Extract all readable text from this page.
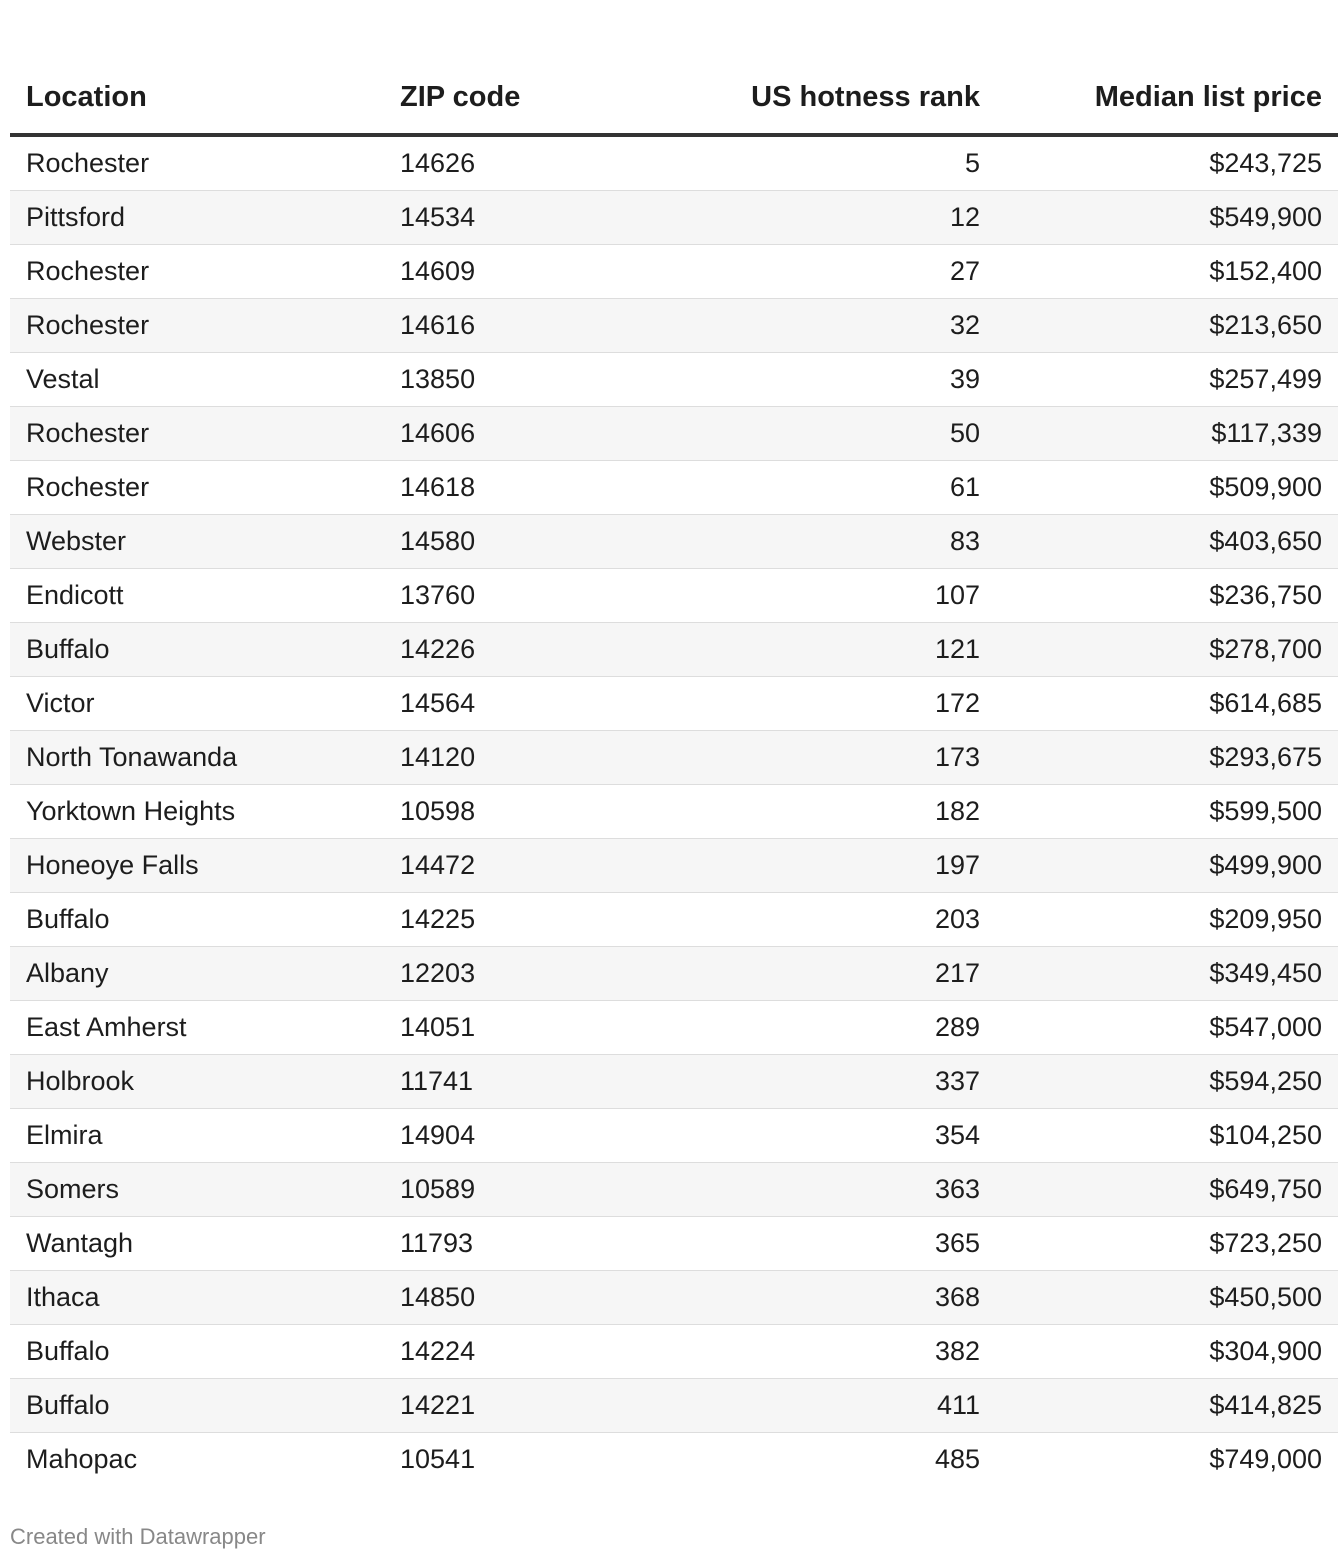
Location	ZIP code	US hotness rank	Median list price
Rochester	14626	5	$243,725
Pittsford	14534	12	$549,900
Rochester	14609	27	$152,400
Rochester	14616	32	$213,650
Vestal	13850	39	$257,499
Rochester	14606	50	$117,339
Rochester	14618	61	$509,900
Webster	14580	83	$403,650
Endicott	13760	107	$236,750
Buffalo	14226	121	$278,700
Victor	14564	172	$614,685
North Tonawanda	14120	173	$293,675
Yorktown Heights	10598	182	$599,500
Honeoye Falls	14472	197	$499,900
Buffalo	14225	203	$209,950
Albany	12203	217	$349,450
East Amherst	14051	289	$547,000
Holbrook	11741	337	$594,250
Elmira	14904	354	$104,250
Somers	10589	363	$649,750
Wantagh	11793	365	$723,250
Ithaca	14850	368	$450,500
Buffalo	14224	382	$304,900
Buffalo	14221	411	$414,825
Mahopac	10541	485	$749,000
Created with Datawrapper
